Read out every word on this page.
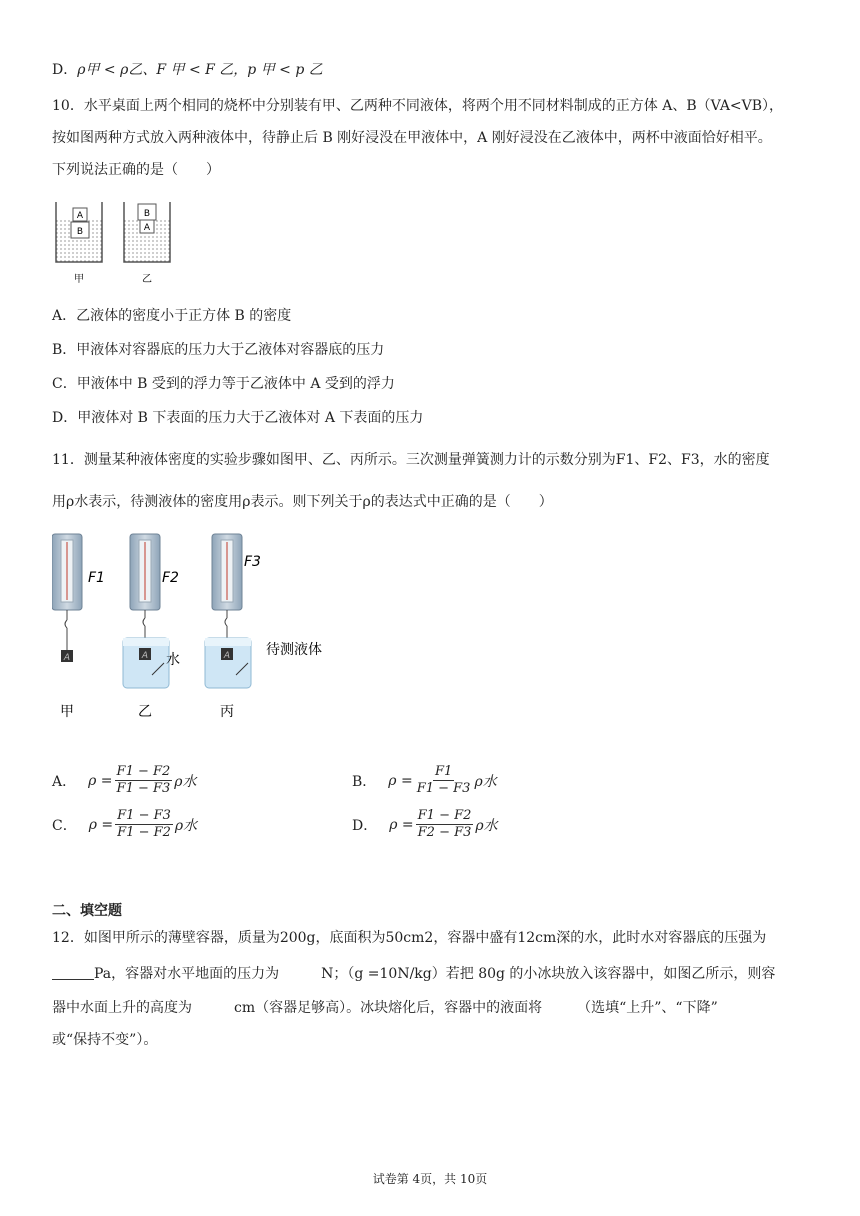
D．ρ甲 < ρ乙、F 甲 < F 乙，p 甲 < p 乙
10．水平桌面上两个相同的烧杯中分别装有甲、乙两种不同液体，将两个用不同材料制成的正方体 A、B（VA<VB），
按如图两种方式放入两种液体中，待静止后 B 刚好浸没在甲液体中，A 刚好浸没在乙液体中，两杯中液面恰好相平。
下列说法正确的是（　　）
A
B
甲
B
A
乙
A．乙液体的密度小于正方体 B 的密度
B．甲液体对容器底的压力大于乙液体对容器底的压力
C．甲液体中 B 受到的浮力等于乙液体中 A 受到的浮力
D．甲液体对 B 下表面的压力大于乙液体对 A 下表面的压力
11．测量某种液体密度的实验步骤如图甲、乙、丙所示。三次测量弹簧测力计的示数分别为F1、F2、F3，水的密度
用ρ水表示，待测液体的密度用ρ表示。则下列关于ρ的表达式中正确的是（　　）
A
F1
甲
A 水
F2
乙
A	待测液体
F3
丙
A． $\rho = \frac{F1 - F2}{F1 - F3}$ ρ水	B． $\rho = \frac{F1}{F1 - F3}$ ρ水
C． $\rho = \frac{F1 - F3}{F1 - F2}$ ρ水	D． $\rho = \frac{F1 - F2}{F2 - F3}$ ρ水
二、填空题
12．如图甲所示的薄壁容器，质量为200g，底面积为50cm2，容器中盛有12cm深的水，此时水对容器底的压强为
Pa，容器对水平地面的压力为　　　N；（g =10N/kg）若把 80g 的小冰块放入该容器中，如图乙所示，则容
器中水面上升的高度为　　　cm（容器足够高）。冰块熔化后，容器中的液面将　　　（选填“上升”、“下降”
或“保持不变”）。
试卷第 4页，共 10页
